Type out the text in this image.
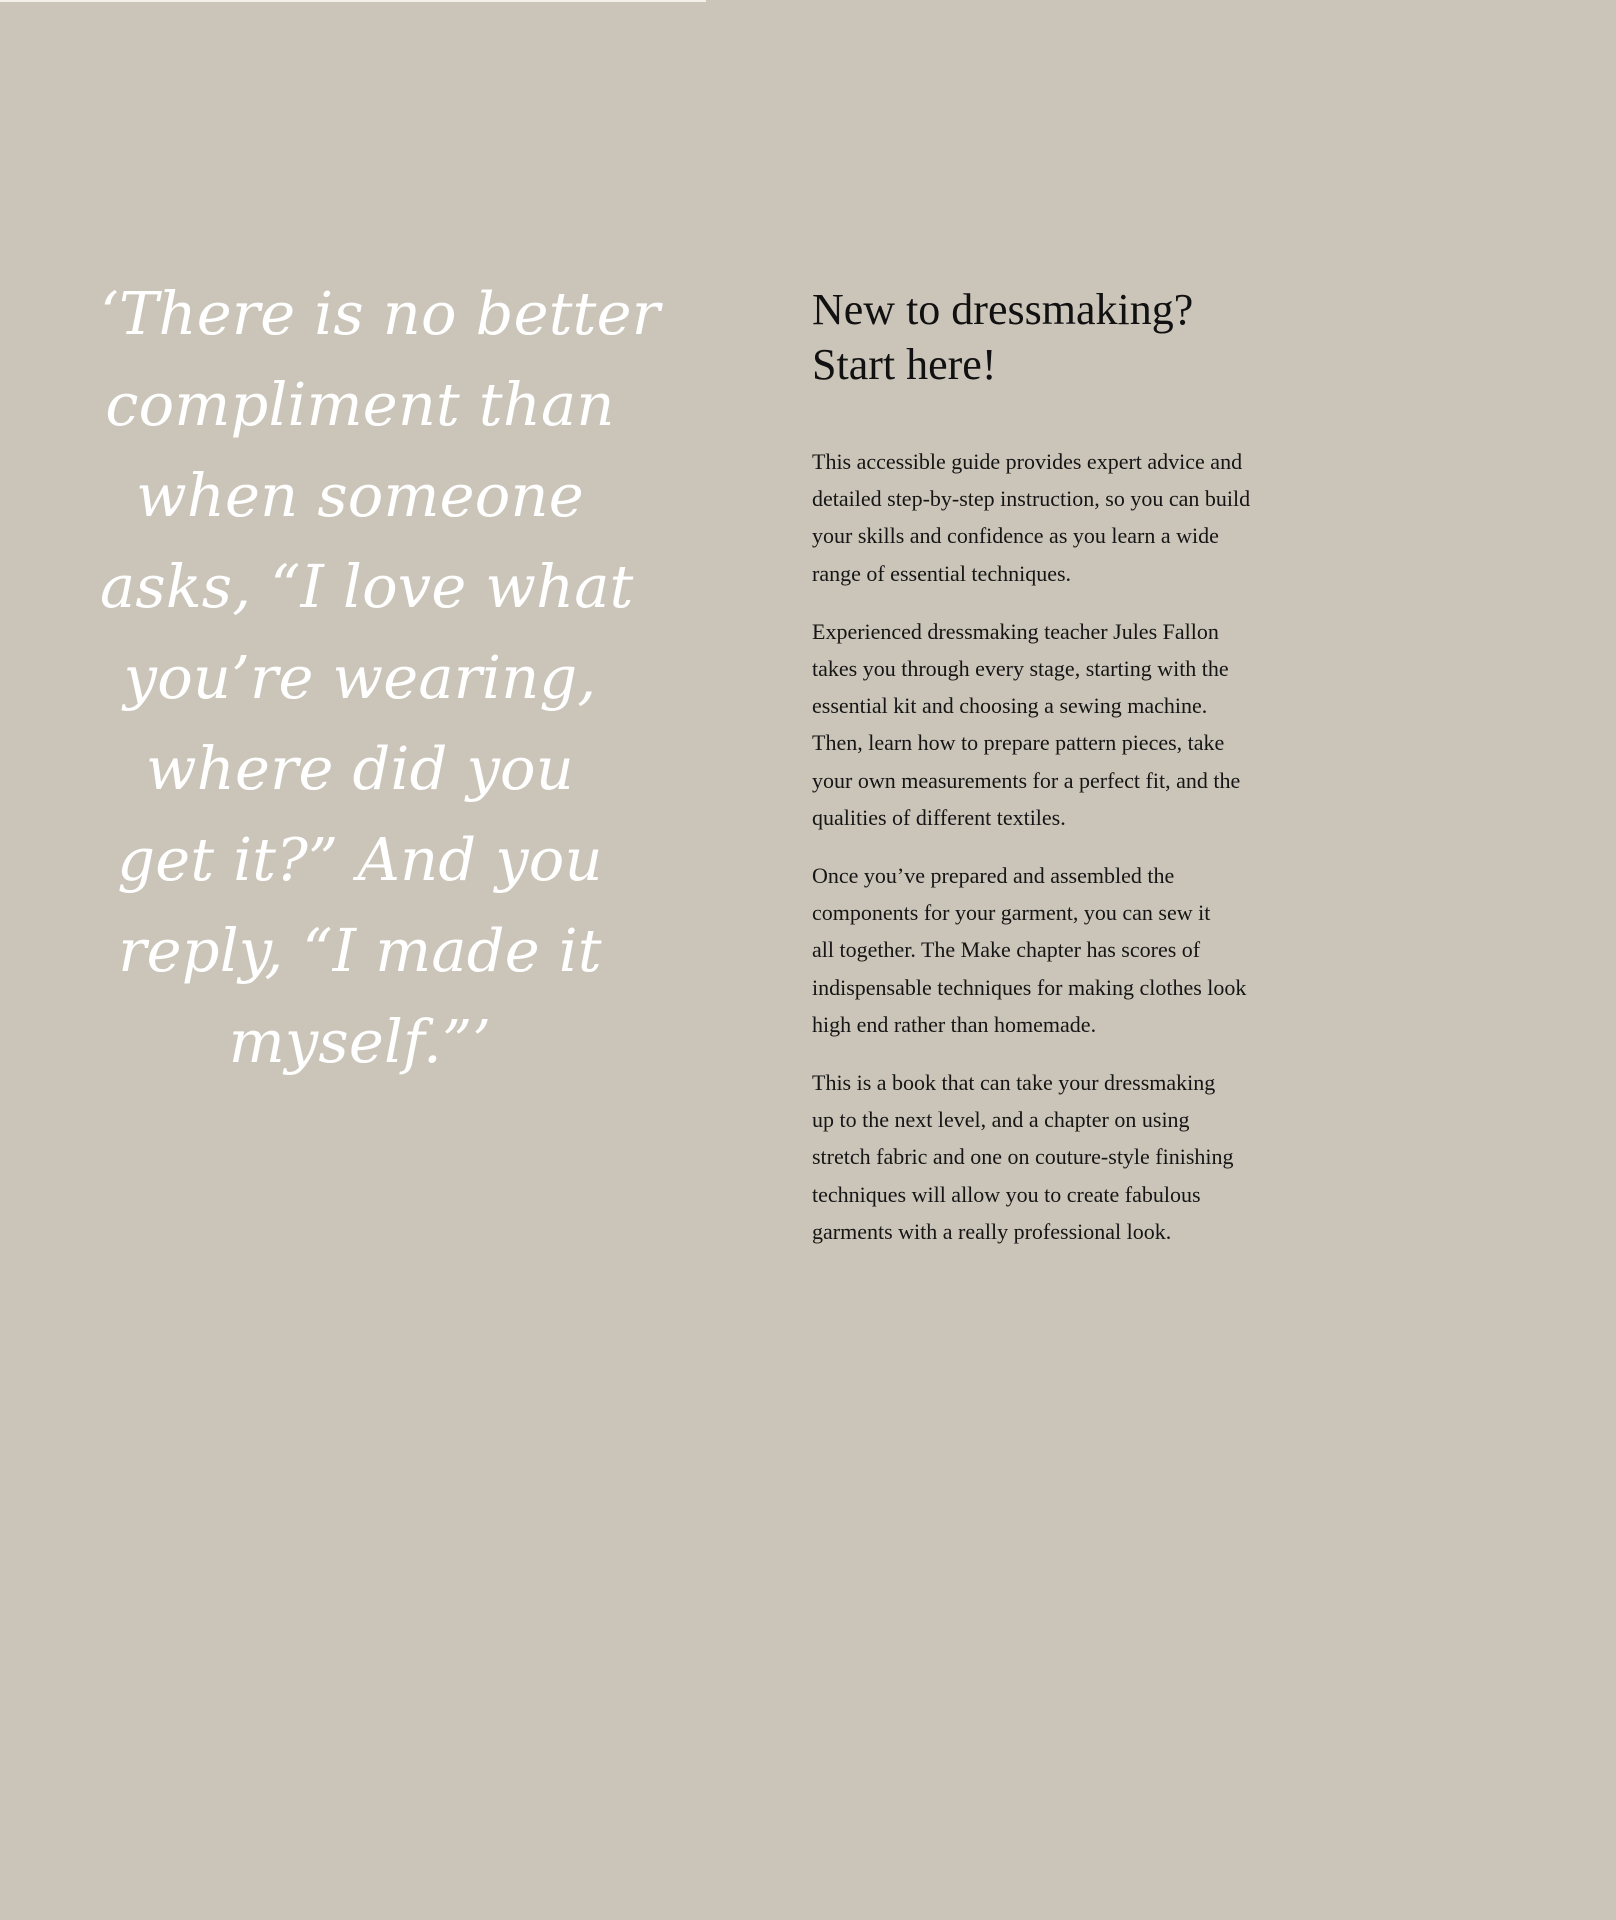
‘There is no better
compliment than
when someone
asks, “I love what
you’re wearing,
where did you
get it?” And you
reply, “I made it
myself.”’
New to dressmaking?
Start here!

This accessible guide provides expert advice and
detailed step-by-step instruction, so you can build
your skills and confidence as you learn a wide
range of essential techniques.

Experienced dressmaking teacher Jules Fallon
takes you through every stage, starting with the
essential kit and choosing a sewing machine.
Then, learn how to prepare pattern pieces, take
your own measurements for a perfect fit, and the
qualities of different textiles.

Once you’ve prepared and assembled the
components for your garment, you can sew it
all together. The Make chapter has scores of
indispensable techniques for making clothes look
high end rather than homemade.

This is a book that can take your dressmaking
up to the next level, and a chapter on using
stretch fabric and one on couture-style finishing
techniques will allow you to create fabulous
garments with a really professional look.
